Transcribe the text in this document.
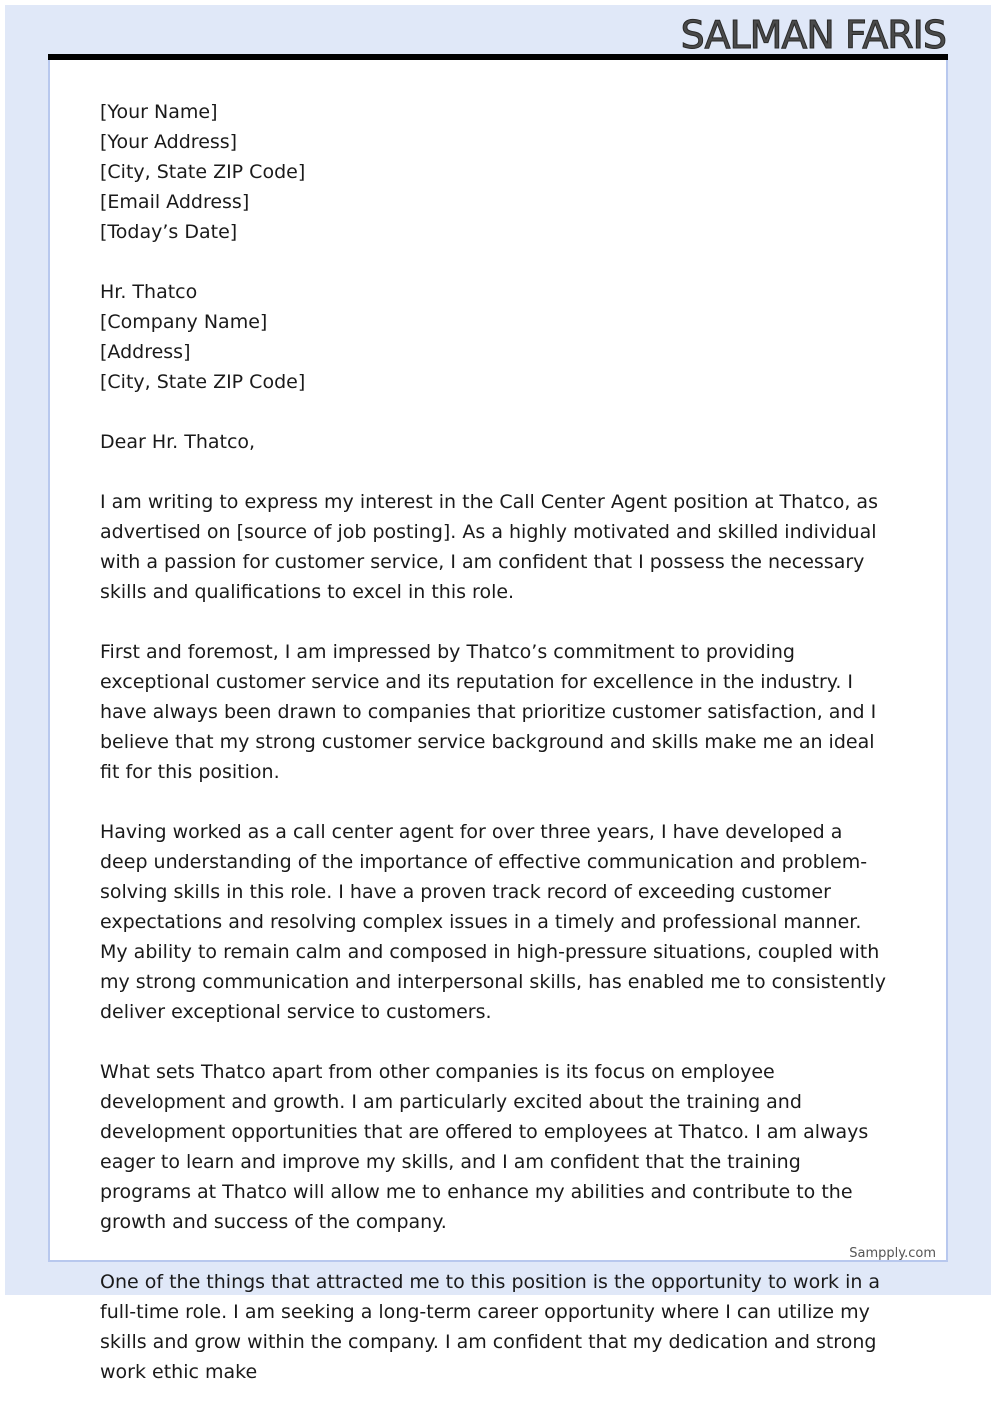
SALMAN FARIS
[Your Name]
[Your Address]
[City, State ZIP Code]
[Email Address]
[Today’s Date]
Hr. Thatco
[Company Name]
[Address]
[City, State ZIP Code]
Dear Hr. Thatco,

I am writing to express my interest in the Call Center Agent position at Thatco, as advertised on [source of job posting]. As a highly motivated and skilled individual with a passion for customer service, I am confident that I possess the necessary skills and qualifications to excel in this role.

First and foremost, I am impressed by Thatco’s commitment to providing exceptional customer service and its reputation for excellence in the industry. I have always been drawn to companies that prioritize customer satisfaction, and I believe that my strong customer service background and skills make me an ideal fit for this position.

Having worked as a call center agent for over three years, I have developed a deep understanding of the importance of effective communication and problem-solving skills in this role. I have a proven track record of exceeding customer expectations and resolving complex issues in a timely and professional manner. My ability to remain calm and composed in high-pressure situations, coupled with my strong communication and interpersonal skills, has enabled me to consistently deliver exceptional service to customers.

What sets Thatco apart from other companies is its focus on employee development and growth. I am particularly excited about the training and development opportunities that are offered to employees at Thatco. I am always eager to learn and improve my skills, and I am confident that the training programs at Thatco will allow me to enhance my abilities and contribute to the growth and success of the company.

One of the things that attracted me to this position is the opportunity to work in a full-time role. I am seeking a long-term career opportunity where I can utilize my skills and grow within the company. I am confident that my dedication and strong work ethic make

Sampply.com
